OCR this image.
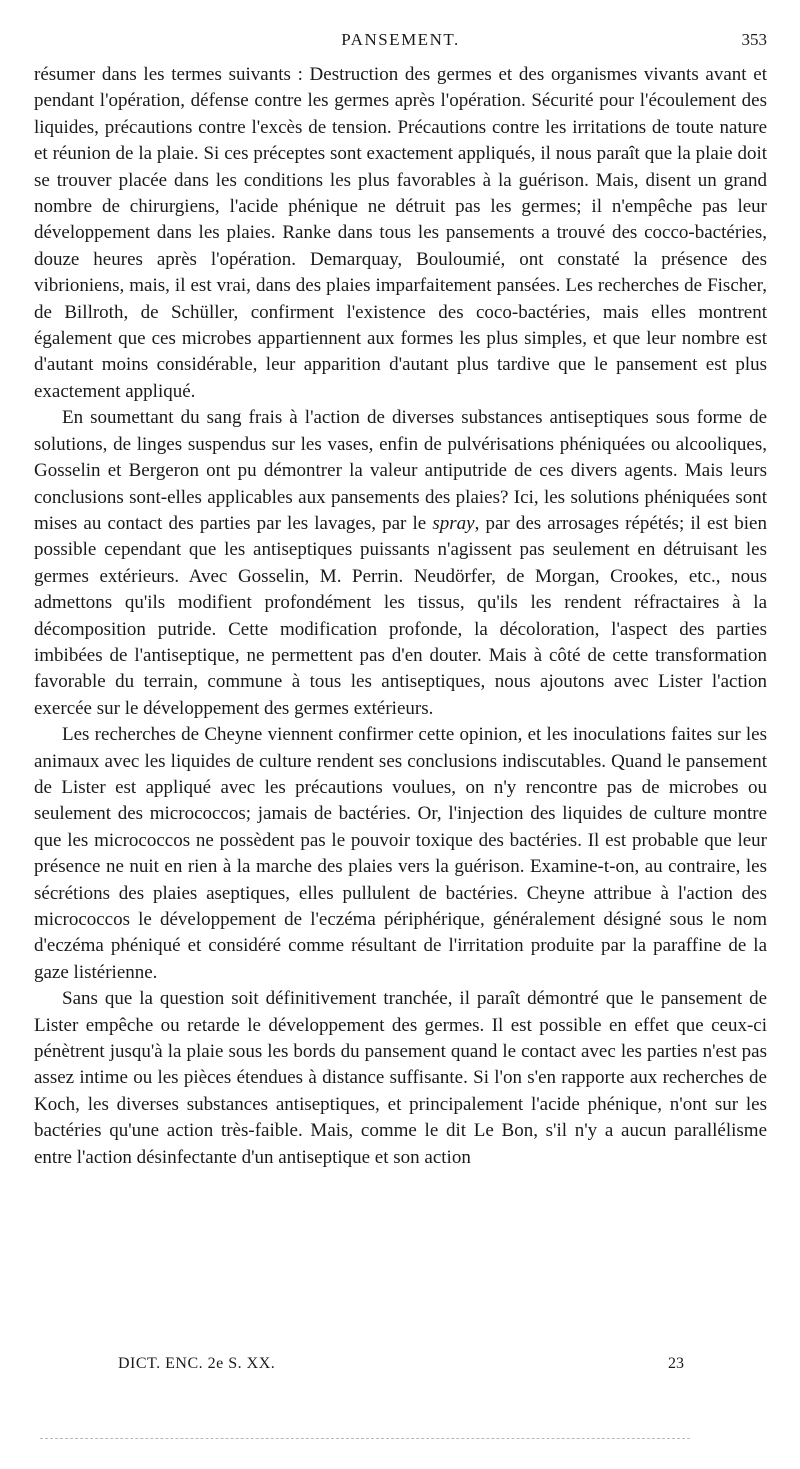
PANSEMENT.	353

résumer dans les termes suivants : Destruction des germes et des organismes vivants avant et pendant l'opération, défense contre les germes après l'opération. Sécurité pour l'écoulement des liquides, précautions contre l'excès de tension. Précautions contre les irritations de toute nature et réunion de la plaie. Si ces préceptes sont exactement appliqués, il nous paraît que la plaie doit se trouver placée dans les conditions les plus favorables à la guérison. Mais, disent un grand nombre de chirurgiens, l'acide phénique ne détruit pas les germes; il n'empêche pas leur développement dans les plaies. Ranke dans tous les pansements a trouvé des cocco-bactéries, douze heures après l'opération. Demarquay, Bouloumié, ont constaté la présence des vibrioniens, mais, il est vrai, dans des plaies imparfaitement pansées. Les recherches de Fischer, de Billroth, de Schüller, confirment l'existence des coco-bactéries, mais elles montrent également que ces microbes appartiennent aux formes les plus simples, et que leur nombre est d'autant moins considérable, leur apparition d'autant plus tardive que le pansement est plus exactement appliqué.

En soumettant du sang frais à l'action de diverses substances antiseptiques sous forme de solutions, de linges suspendus sur les vases, enfin de pulvérisations phéniquées ou alcooliques, Gosselin et Bergeron ont pu démontrer la valeur antiputride de ces divers agents. Mais leurs conclusions sont-elles applicables aux pansements des plaies? Ici, les solutions phéniquées sont mises au contact des parties par les lavages, par le spray, par des arrosages répétés; il est bien possible cependant que les antiseptiques puissants n'agissent pas seulement en détruisant les germes extérieurs. Avec Gosselin, M. Perrin. Neudörfer, de Morgan, Crookes, etc., nous admettons qu'ils modifient profondément les tissus, qu'ils les rendent réfractaires à la décomposition putride. Cette modification profonde, la décoloration, l'aspect des parties imbibées de l'antiseptique, ne permettent pas d'en douter. Mais à côté de cette transformation favorable du terrain, commune à tous les antiseptiques, nous ajoutons avec Lister l'action exercée sur le développement des germes extérieurs.

Les recherches de Cheyne viennent confirmer cette opinion, et les inoculations faites sur les animaux avec les liquides de culture rendent ses conclusions indiscutables. Quand le pansement de Lister est appliqué avec les précautions voulues, on n'y rencontre pas de microbes ou seulement des micrococcos; jamais de bactéries. Or, l'injection des liquides de culture montre que les micrococcos ne possèdent pas le pouvoir toxique des bactéries. Il est probable que leur présence ne nuit en rien à la marche des plaies vers la guérison. Examine-t-on, au contraire, les sécrétions des plaies aseptiques, elles pullulent de bactéries. Cheyne attribue à l'action des micrococcos le développement de l'eczéma périphérique, généralement désigné sous le nom d'eczéma phéniqué et considéré comme résultant de l'irritation produite par la paraffine de la gaze listérienne.

Sans que la question soit définitivement tranchée, il paraît démontré que le pansement de Lister empêche ou retarde le développement des germes. Il est possible en effet que ceux-ci pénètrent jusqu'à la plaie sous les bords du pansement quand le contact avec les parties n'est pas assez intime ou les pièces étendues à distance suffisante. Si l'on s'en rapporte aux recherches de Koch, les diverses substances antiseptiques, et principalement l'acide phénique, n'ont sur les bactéries qu'une action très-faible. Mais, comme le dit Le Bon, s'il n'y a aucun parallélisme entre l'action désinfectante d'un antiseptique et son action

DICT. ENC. 2e S. XX.	23
